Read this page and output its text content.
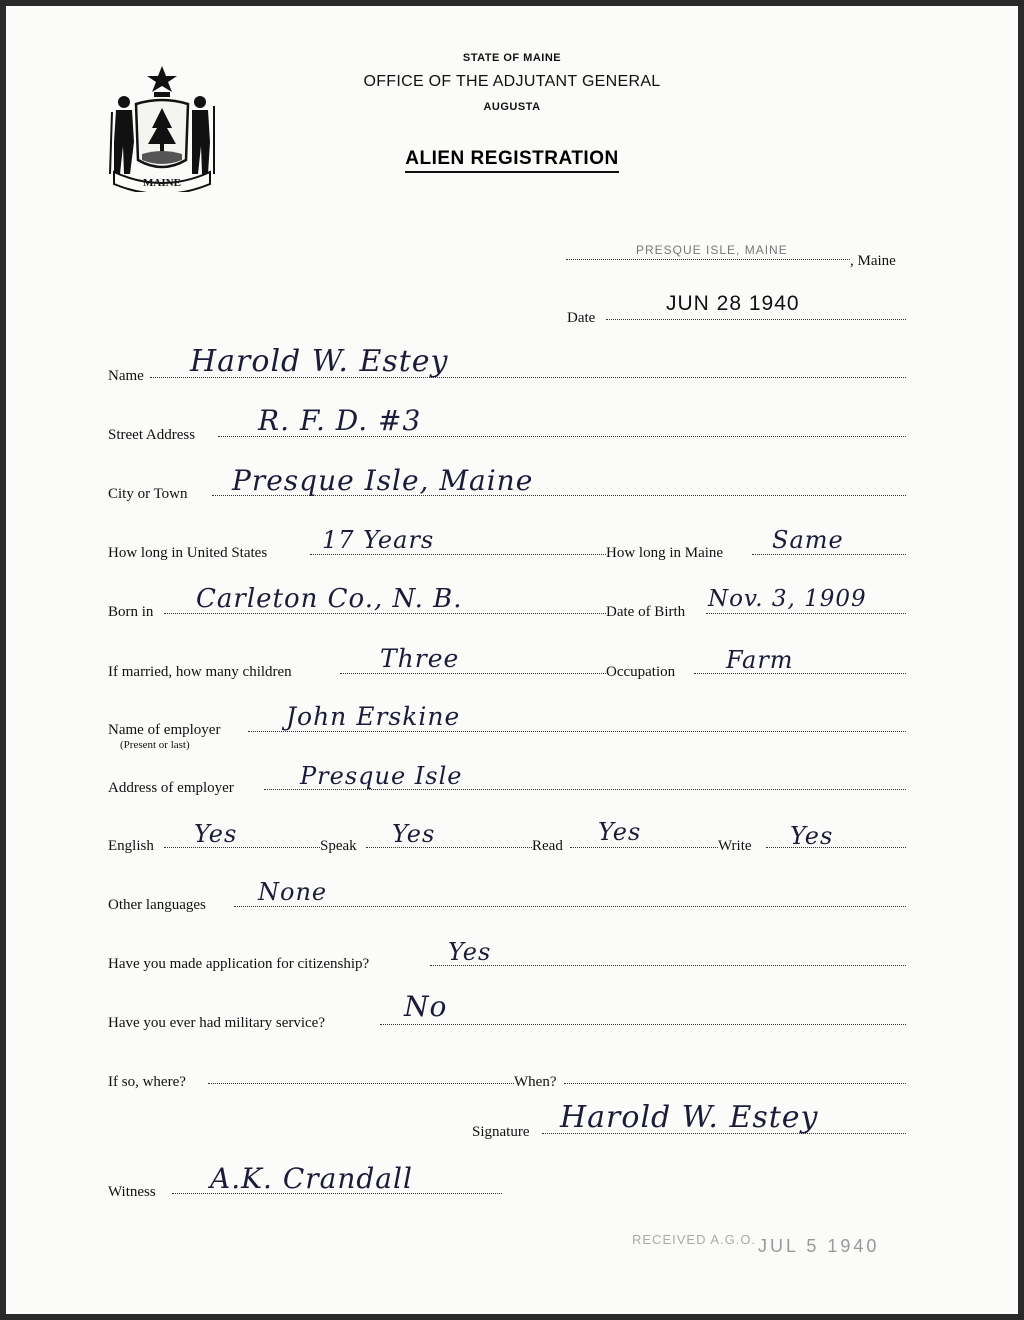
MAINE
STATE OF MAINE
OFFICE OF THE ADJUTANT GENERAL
AUGUSTA
ALIEN REGISTRATION
PRESQUE ISLE, MAINE
, Maine
Date
JUN 28 1940
Name Harold W. Estey
Street Address R. F. D. #3
City or Town Presque Isle, Maine
How long in United States 17 Years	How long in Maine Same
Born in Carleton Co., N. B.	Date of Birth Nov. 3, 1909
If married, how many children	Three	Occupation Farm
Name of employer
(Present or last)
John Erskine
Address of employer	Presque Isle
English Yes	Speak Yes	Read Yes	Write Yes
Other languages None
Have you made application for citizenship?	Yes
Have you ever had military service?	No
If so, where?	When?
Signature Harold W. Estey
Witness A.K. Crandall
RECEIVED A.G.O. JUL 5 1940
